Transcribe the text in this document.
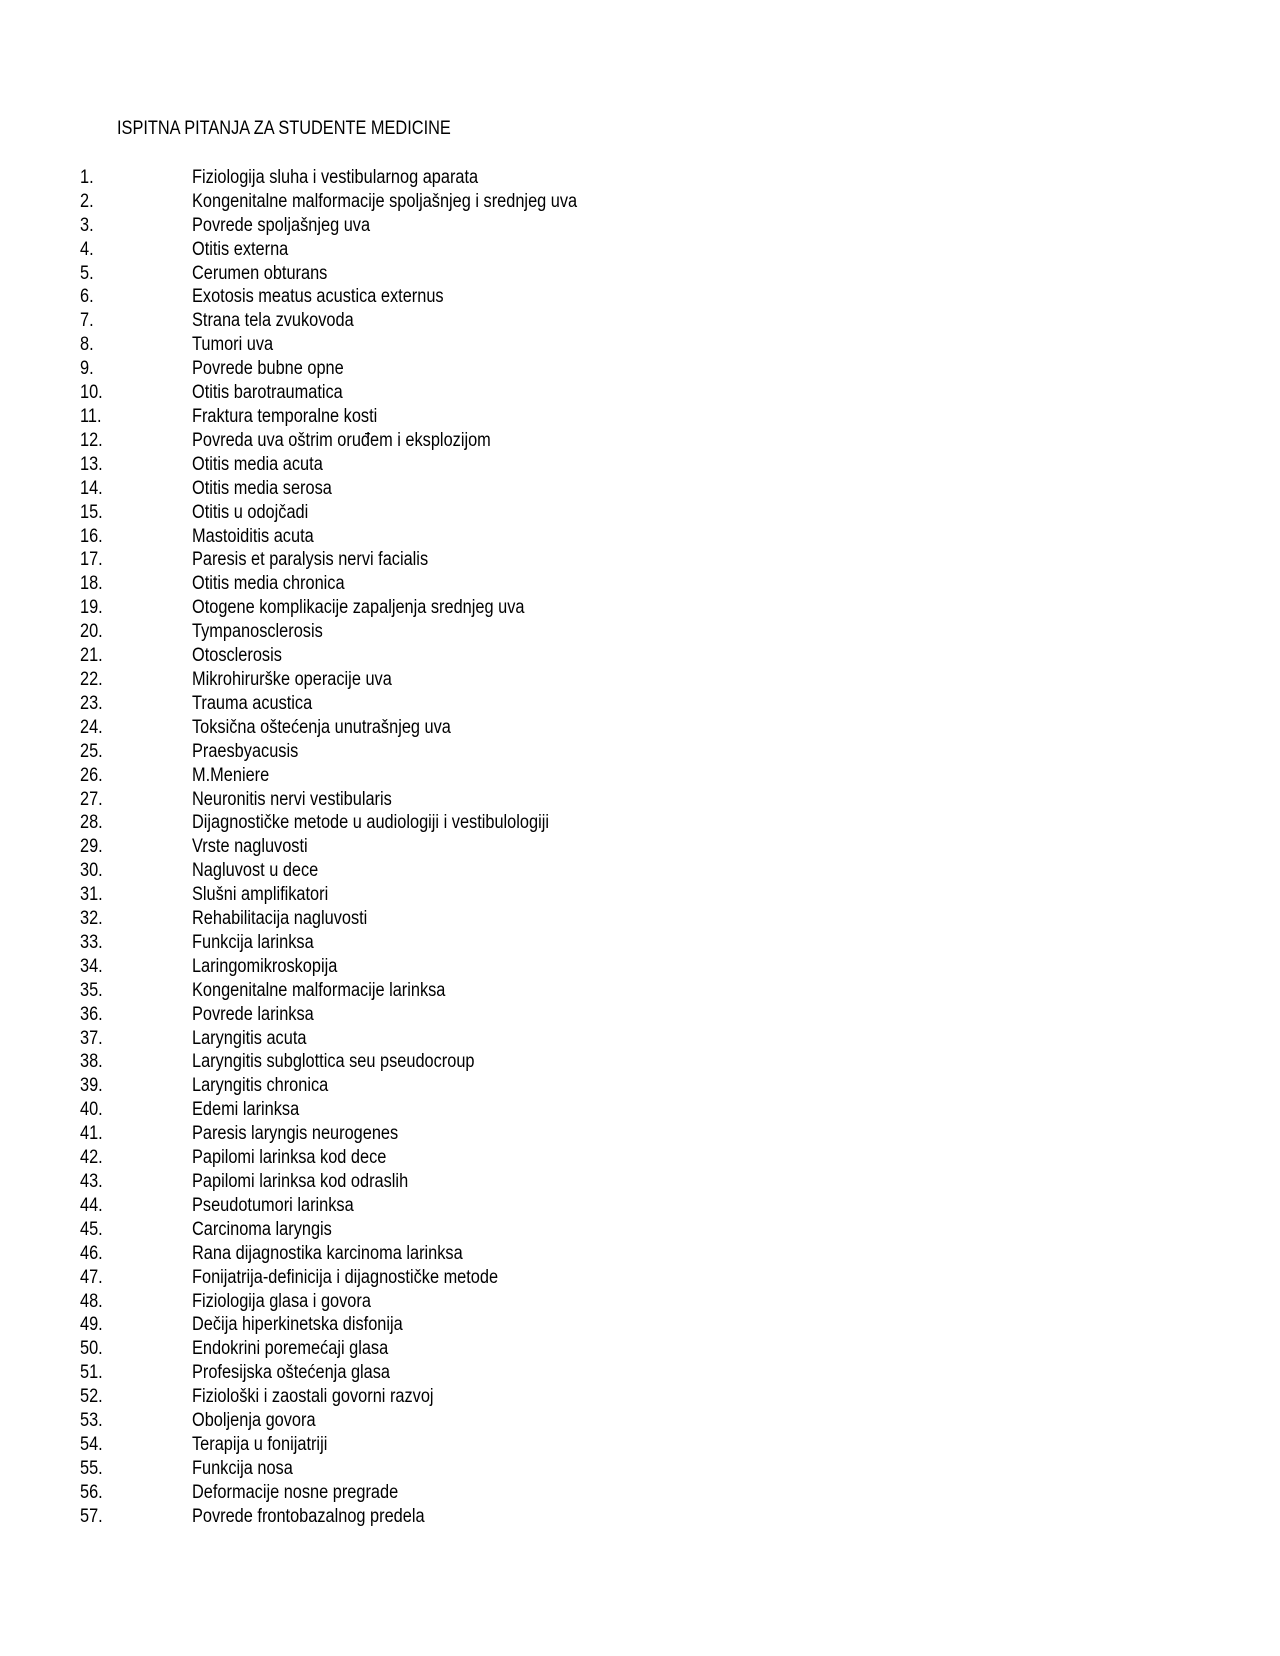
ISPITNA PITANJA ZA STUDENTE MEDICINE
1.	Fiziologija sluha i vestibularnog aparata
2.	Kongenitalne malformacije spoljašnjeg i srednjeg uva
3.	Povrede spoljašnjeg uva
4.	Otitis externa
5.	Cerumen obturans
6.	Exotosis meatus acustica externus
7.	Strana tela zvukovoda
8.	Tumori uva
9.	Povrede bubne opne
10.	Otitis barotraumatica
11.	Fraktura temporalne kosti
12.	Povreda uva oštrim oruđem i eksplozijom
13.	Otitis media acuta
14.	Otitis media serosa
15.	Otitis u odojčadi
16.	Mastoiditis acuta
17.	Paresis et paralysis nervi facialis
18.	Otitis media chronica
19.	Otogene komplikacije zapaljenja srednjeg uva
20.	Tympanosclerosis
21.	Otosclerosis
22.	Mikrohirurške operacije uva
23.	Trauma acustica
24.	Toksična oštećenja unutrašnjeg uva
25.	Praesbyacusis
26.	M.Meniere
27.	Neuronitis nervi vestibularis
28.	Dijagnostičke metode u audiologiji i vestibulologiji
29.	Vrste nagluvosti
30.	Nagluvost u dece
31.	Slušni amplifikatori
32.	Rehabilitacija nagluvosti
33.	Funkcija larinksa
34.	Laringomikroskopija
35.	Kongenitalne malformacije larinksa
36.	Povrede larinksa
37.	Laryngitis acuta
38.	Laryngitis subglottica seu pseudocroup
39.	Laryngitis chronica
40.	Edemi larinksa
41.	Paresis laryngis neurogenes
42.	Papilomi larinksa kod dece
43.	Papilomi larinksa kod odraslih
44.	Pseudotumori larinksa
45.	Carcinoma laryngis
46.	Rana dijagnostika karcinoma larinksa
47.	Fonijatrija-definicija i dijagnostičke metode
48.	Fiziologija glasa i govora
49.	Dečija hiperkinetska disfonija
50.	Endokrini poremećaji glasa
51.	Profesijska oštećenja glasa
52.	Fiziološki i zaostali govorni razvoj
53.	Oboljenja govora
54.	Terapija u fonijatriji
55.	Funkcija nosa
56.	Deformacije nosne pregrade
57.	Povrede frontobazalnog predela
